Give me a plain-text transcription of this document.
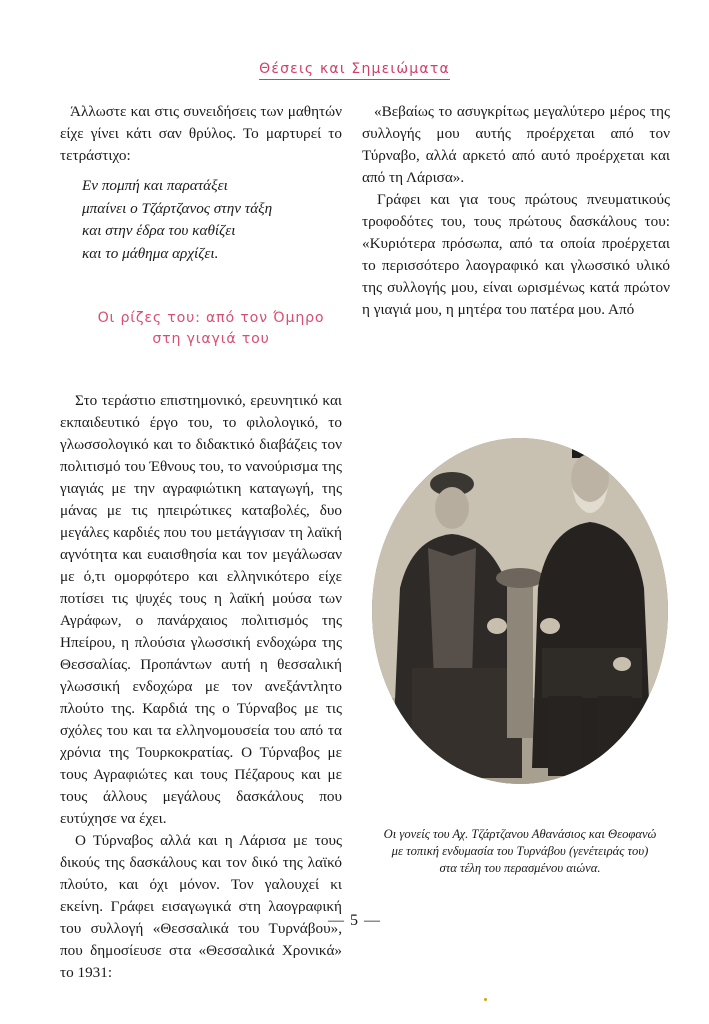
Θέσεις και Σημειώματα

Άλλωστε και στις συνειδήσεις των μαθητών είχε γίνει κάτι σαν θρύλος. Το μαρτυρεί το τετράστιχο:

Εν πομπή και παρατάξει
μπαίνει ο Τζάρτζανος στην τάξη
και στην έδρα του καθίζει
και το μάθημα αρχίζει.
Οι ρίζες του: από τον Όμηρο
στη γιαγιά του

Στο τεράστιο επιστημονικό, ερευνητικό και εκπαιδευτικό έργο του, το φιλολογικό, το γλωσσολογικό και το διδακτικό διαβάζεις τον πολιτισμό του Έθνους του, το νανούρισμα της γιαγιάς με την αγραφιώτικη καταγωγή, της μάνας με τις ηπειρώτικες καταβολές, δυο μεγάλες καρδιές που του μετάγγισαν τη λαϊκή αγνότητα και ευαισθησία και τον μεγάλωσαν με ό,τι ομορφότερο και ελληνικότερο είχε ποτίσει τις ψυχές τους η λαϊκή μούσα των Αγράφων, ο πανάρχαιος πολιτισμός της Ηπείρου, η πλούσια γλωσσική ενδοχώρα της Θεσσαλίας. Προπάντων αυτή η θεσσαλική γλωσσική ενδοχώρα με τον ανεξάντλητο πλούτο της. Καρδιά της ο Τύρναβος με τις σχόλες του και τα ελληνομουσεία του από τα χρόνια της Τουρκοκρατίας. Ο Τύρναβος με τους Αγραφιώτες και τους Πέζαρους και με τους άλλους μεγάλους δασκάλους που ευτύχησε να έχει.

Ο Τύρναβος αλλά και η Λάρισα με τους δικούς της δασκάλους και τον δικό της λαϊκό πλούτο, και όχι μόνον. Τον γαλουχεί κι εκείνη. Γράφει εισαγωγικά στη λαογραφική του συλλογή «Θεσσαλικά του Τυρνάβου», που δημοσίευσε στα «Θεσσαλικά Χρονικά» το 1931:

«Βεβαίως το ασυγκρίτως μεγαλύτερο μέρος της συλλογής μου αυτής προέρχεται από τον Τύρναβο, αλλά αρκετό από αυτό προέρχεται και από τη Λάρισα».

Γράφει και για τους πρώτους πνευματικούς τροφοδότες του, τους πρώτους δασκάλους του: «Κυριότερα πρόσωπα, από τα οποία προέρχεται το περισσότερο λαογραφικό και γλωσσικό υλικό της συλλογής μου, είναι ωρισμένως κατά πρώτον η γιαγιά μου, η μητέρα του πατέρα μου. Από

Οι γονείς του Αχ. Τζάρτζανου Αθανάσιος και Θεοφανώ
με τοπική ενδυμασία του Τυρνάβου (γενέτειράς του)
στα τέλη του περασμένου αιώνα.
— 5 —
